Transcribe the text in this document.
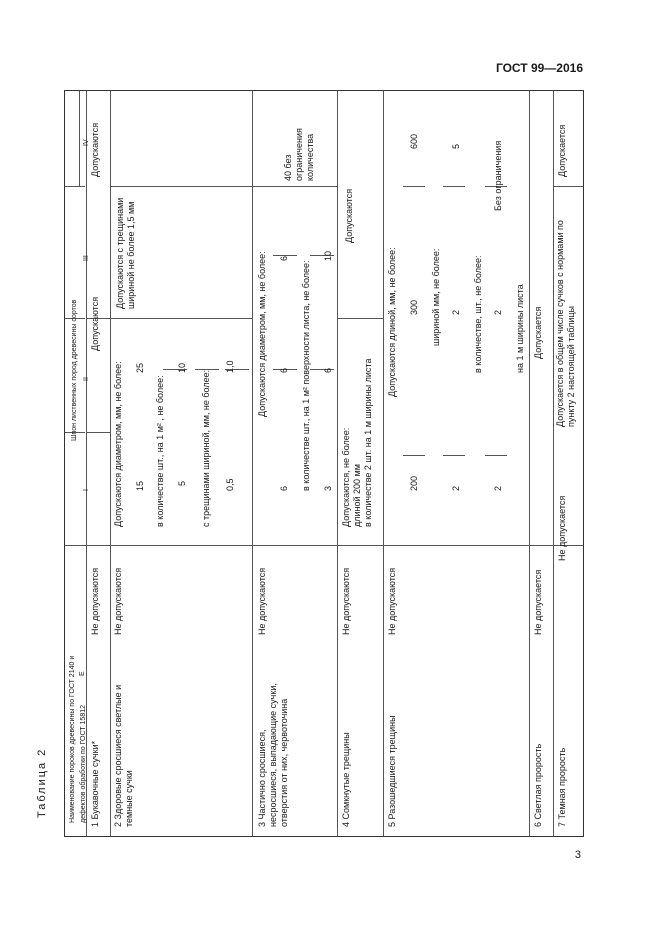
ГОСТ 99—2016
3
Таблица 2	Наименование пороков древесины по ГОСТ 2140 и дефектов обработки по ГОСТ 15812
Шпон лиственных пород древесины сортов
Е
I
II
III
IV
1 Букавочные сучки*
Не допускаются
Допускаются
Допускаются
2 Здоровые сросшиеся светлые и темные сучки
Не допускаются
Допускаются диаметром, мм, не более: 15
25
в количестве шт., на 1 м² , не более: 5
10
с трещинами шириной, мм, не более: 0,5
1,0
Допускаются с трещинами шириной не более 1,5 мм
3 Частично сросшиеся, несросшиеся, выпадающие сучки, отверстия от них, червоточина
Не допускаются
Допускаются диаметром, мм, не более:
6
6
6
в количестве шт., на 1 м² поверхности листа, не более: 3
6
10
40 без ограничения количества
4 Сомкнутые трещины
Не допускаются
Допускаются, не более: длиной 200 мм в количестве 2 шт. на 1 м ширины листа
Допускаются
5 Разошедшиеся трещины
Не допускаются
Допускаются длиной, мм, не более:
200
300
600
шириной мм, не более:
2
2
5
в количестве, шт., не более:
2
2 на 1 м ширины листа
Без ограничения
6 Светлая прорость
Не допускается
Допускается
7 Темная прорость
Не допускается
Допускается в общем числе сучков с нормами по пункту 2 настоящей таблицы
Допускается
